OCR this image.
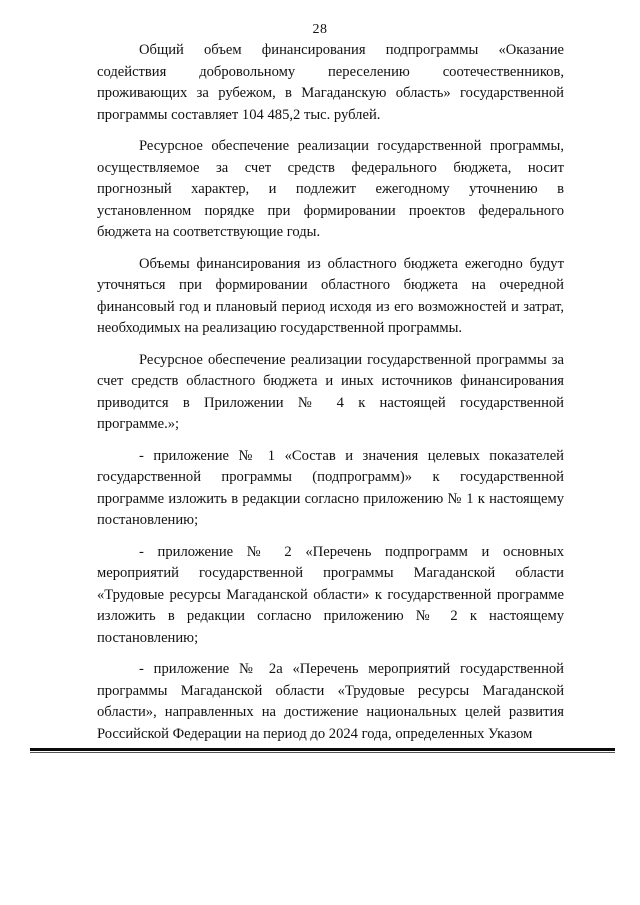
28

Общий объем финансирования подпрограммы «Оказание содействия добровольному переселению соотечественников, проживающих за рубежом, в Магаданскую область» государственной программы составляет 104 485,2 тыс. рублей.

Ресурсное обеспечение реализации государственной программы, осуществляемое за счет средств федерального бюджета, носит прогнозный характер, и подлежит ежегодному уточнению в установленном порядке при формировании проектов федерального бюджета на соответствующие годы.

Объемы финансирования из областного бюджета ежегодно будут уточняться при формировании областного бюджета на очередной финансовый год и плановый период исходя из его возможностей и затрат, необходимых на реализацию государственной программы.

Ресурсное обеспечение реализации государственной программы за счет средств областного бюджета и иных источников финансирования приводится в Приложении № 4 к настоящей государственной программе.»;

- приложение № 1 «Состав и значения целевых показателей государственной программы (подпрограмм)» к государственной программе изложить в редакции согласно приложению № 1 к настоящему постановлению;

- приложение № 2 «Перечень подпрограмм и основных мероприятий государственной программы Магаданской области «Трудовые ресурсы Магаданской области» к государственной программе изложить в редакции согласно приложению № 2 к настоящему постановлению;

- приложение № 2а «Перечень мероприятий государственной программы Магаданской области «Трудовые ресурсы Магаданской области», направленных на достижение национальных целей развития Российской Федерации на период до 2024 года, определенных Указом
